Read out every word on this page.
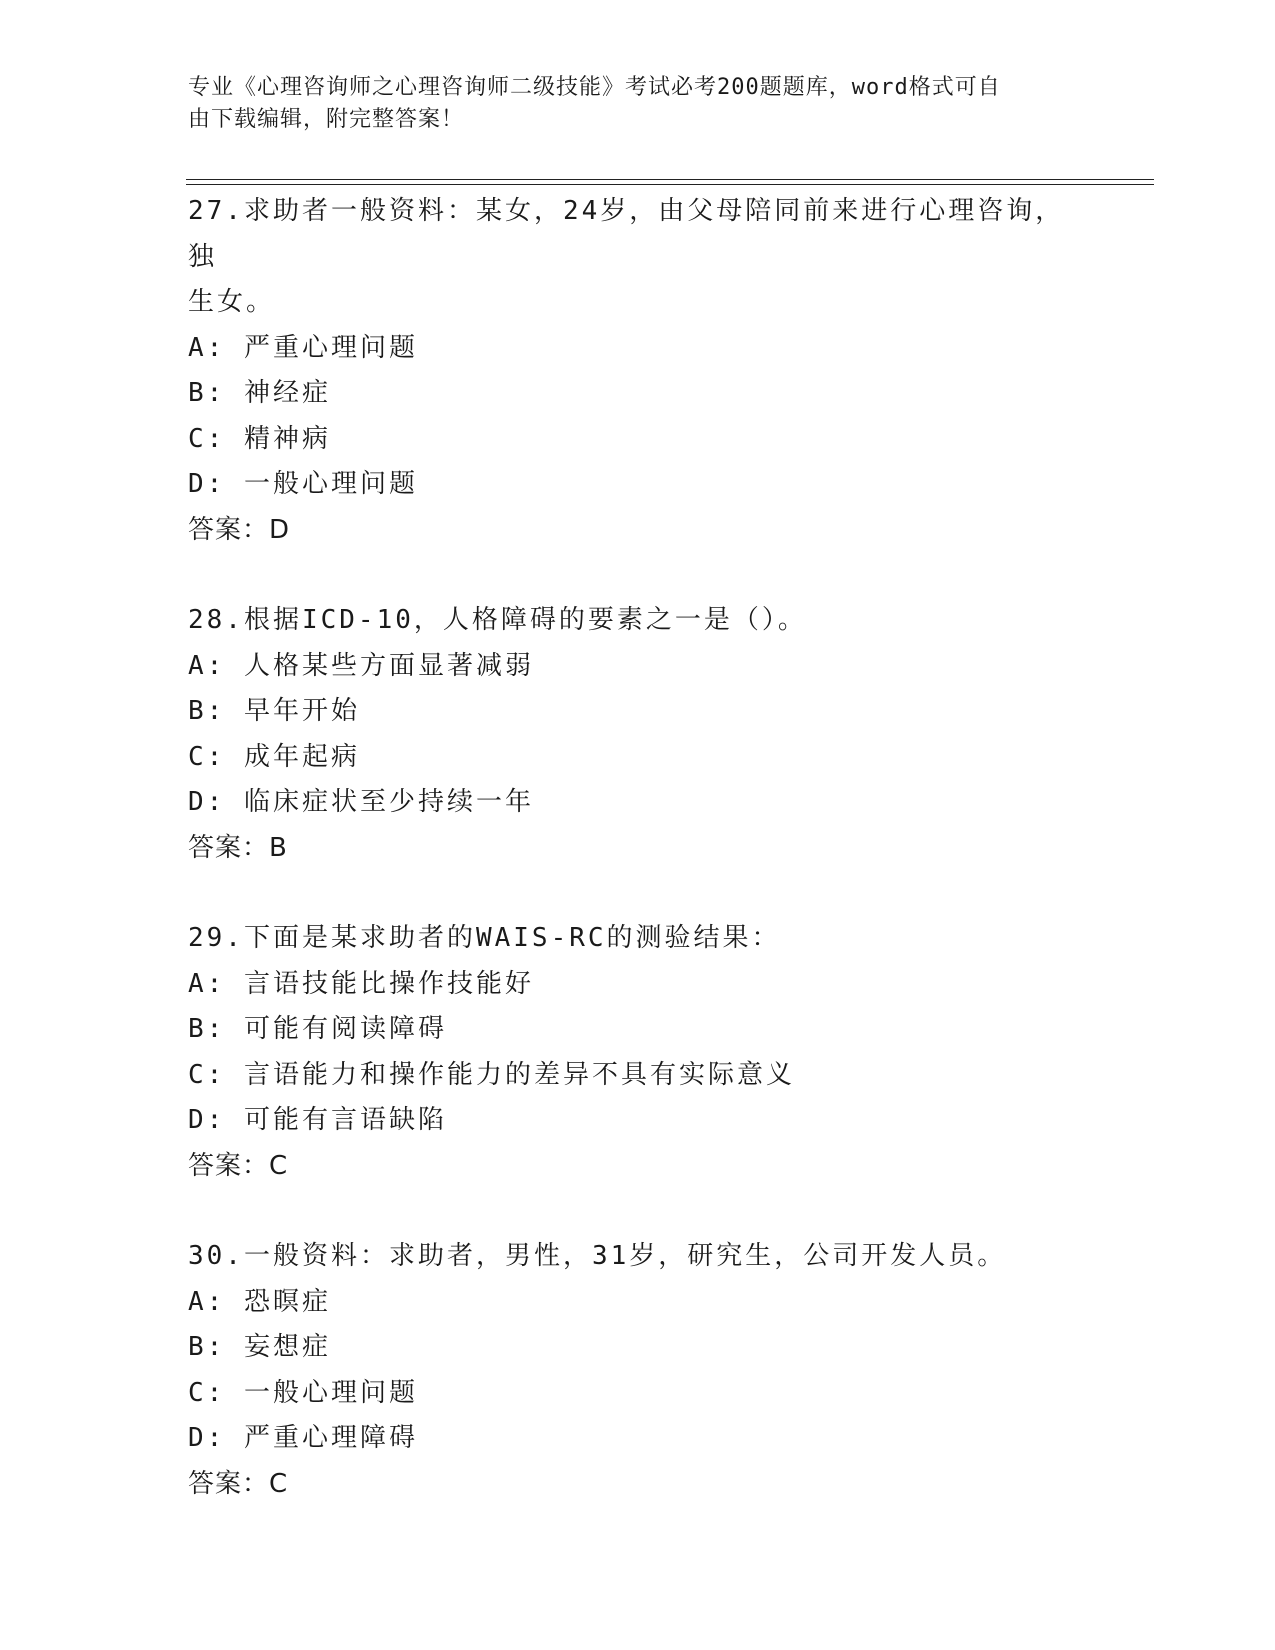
专业《心理咨询师之心理咨询师二级技能》考试必考200题题库，word格式可自
由下载编辑，附完整答案！
27.求助者一般资料：某女，24岁，由父母陪同前来进行心理咨询，独
生女。
A: 严重心理问题
B: 神经症
C: 精神病
D: 一般心理问题
答案：D
28.根据ICD-10，人格障碍的要素之一是（）。
A: 人格某些方面显著减弱
B: 早年开始
C: 成年起病
D: 临床症状至少持续一年
答案：B
29.下面是某求助者的WAIS-RC的测验结果：
A: 言语技能比操作技能好
B: 可能有阅读障碍
C: 言语能力和操作能力的差异不具有实际意义
D: 可能有言语缺陷
答案：C
30.一般资料：求助者，男性，31岁，研究生，公司开发人员。
A: 恐暝症
B: 妄想症
C: 一般心理问题
D: 严重心理障碍
答案：C
